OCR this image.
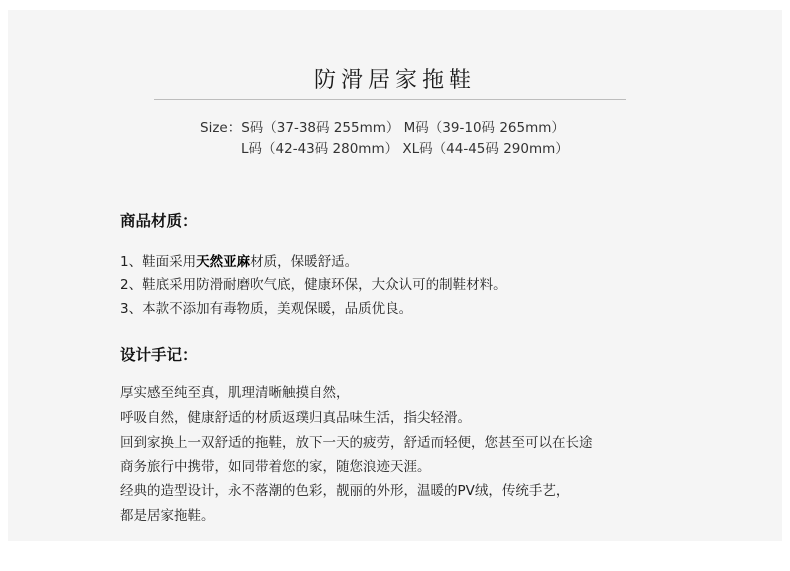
防滑居家拖鞋
Size：S码（37-38码 255mm） M码（39-10码 265mm）
L码（42-43码 280mm） XL码（44-45码 290mm）
商品材质：
1、鞋面采用天然亚麻材质，保暖舒适。
2、鞋底采用防滑耐磨吹气底，健康环保，大众认可的制鞋材料。
3、本款不添加有毒物质，美观保暖，品质优良。
设计手记：
厚实感至纯至真，肌理清晰触摸自然，
呼吸自然，健康舒适的材质返璞归真品味生活，指尖轻滑。
回到家换上一双舒适的拖鞋，放下一天的疲劳，舒适而轻便，您甚至可以在长途
商务旅行中携带，如同带着您的家，随您浪迹天涯。
经典的造型设计，永不落潮的色彩，靓丽的外形，温暖的PV绒，传统手艺，
都是居家拖鞋。
